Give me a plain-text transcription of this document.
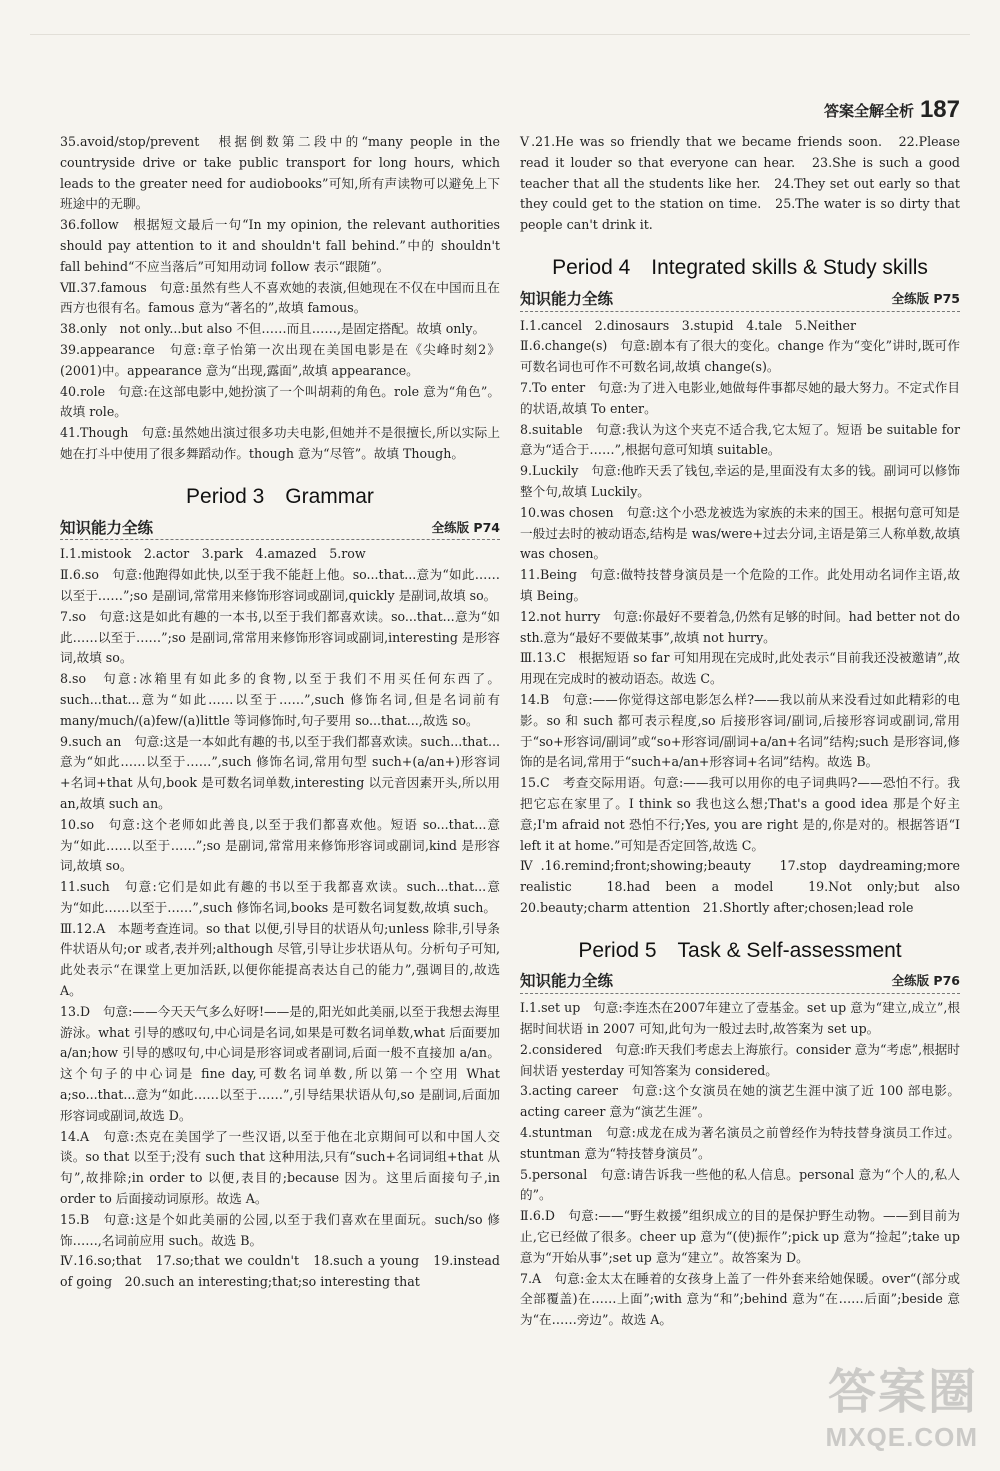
答案全解全析 187

35.avoid/stop/prevent　根据倒数第二段中的“many people in the countryside drive or take public transport for long hours, which leads to the greater need for audiobooks”可知,所有声读物可以避免上下班途中的无聊。

36.follow　根据短文最后一句“In my opinion, the relevant authorities should pay attention to it and shouldn't fall behind.”中的 shouldn't fall behind“不应当落后”可知用动词 follow 表示“跟随”。

Ⅶ.37.famous　句意:虽然有些人不喜欢她的表演,但她现在不仅在中国而且在西方也很有名。famous 意为“著名的”,故填 famous。

38.only　not only...but also 不但……而且……,是固定搭配。故填 only。

39.appearance　句意:章子怡第一次出现在美国电影是在《尖峰时刻2》(2001)中。appearance 意为“出现,露面”,故填 appearance。

40.role　句意:在这部电影中,她扮演了一个叫胡莉的角色。role 意为“角色”。故填 role。

41.Though　句意:虽然她出演过很多功夫电影,但她并不是很擅长,所以实际上她在打斗中使用了很多舞蹈动作。though 意为“尽管”。故填 Though。

Period 3　Grammar
知识能力全练	全练版 P74

Ⅰ.1.mistook　2.actor　3.park　4.amazed　5.row

Ⅱ.6.so　句意:他跑得如此快,以至于我不能赶上他。so...that...意为“如此……以至于……”;so 是副词,常常用来修饰形容词或副词,quickly 是副词,故填 so。

7.so　句意:这是如此有趣的一本书,以至于我们都喜欢读。so...that...意为“如此……以至于……”;so 是副词,常常用来修饰形容词或副词,interesting 是形容词,故填 so。

8.so　句意:冰箱里有如此多的食物,以至于我们不用买任何东西了。such...that...意为“如此……以至于……”,such 修饰名词,但是名词前有 many/much/(a)few/(a)little 等词修饰时,句子要用 so...that...,故选 so。

9.such an　句意:这是一本如此有趣的书,以至于我们都喜欢读。such...that...意为“如此……以至于……”,such 修饰名词,常用句型 such+(a/an+)形容词+名词+that 从句,book 是可数名词单数,interesting 以元音因素开头,所以用 an,故填 such an。

10.so　句意:这个老师如此善良,以至于我们都喜欢他。短语 so...that...意为“如此……以至于……”;so 是副词,常常用来修饰形容词或副词,kind 是形容词,故填 so。

11.such　句意:它们是如此有趣的书以至于我都喜欢读。such...that...意为“如此……以至于……”,such 修饰名词,books 是可数名词复数,故填 such。

Ⅲ.12.A　本题考查连词。so that 以便,引导目的状语从句;unless 除非,引导条件状语从句;or 或者,表并列;although 尽管,引导让步状语从句。分析句子可知,此处表示“在课堂上更加活跃,以便你能提高表达自己的能力”,强调目的,故选 A。

13.D　句意:——今天天气多么好呀!——是的,阳光如此美丽,以至于我想去海里游泳。what 引导的感叹句,中心词是名词,如果是可数名词单数,what 后面要加 a/an;how 引导的感叹句,中心词是形容词或者副词,后面一般不直接加 a/an。这个句子的中心词是 fine day,可数名词单数,所以第一个空用 What a;so...that...意为“如此……以至于……”,引导结果状语从句,so 是副词,后面加形容词或副词,故选 D。

14.A　句意:杰克在美国学了一些汉语,以至于他在北京期间可以和中国人交谈。so that 以至于;没有 such that 这种用法,只有“such+名词词组+that 从句”,故排除;in order to 以便,表目的;because 因为。这里后面接句子,in order to 后面接动词原形。故选 A。

15.B　句意:这是个如此美丽的公园,以至于我们喜欢在里面玩。such/so 修饰……,名词前应用 such。故选 B。

Ⅳ.16.so;that　17.so;that we couldn't　18.such a young　19.instead of going　20.such an interesting;that;so interesting that

Ⅴ.21.He was so friendly that we became friends soon.　22.Please read it louder so that everyone can hear.　23.She is such a good teacher that all the students like her.　24.They set out early so that they could get to the station on time.　25.The water is so dirty that people can't drink it.

Period 4　Integrated skills & Study skills
知识能力全练	全练版 P75

Ⅰ.1.cancel　2.dinosaurs　3.stupid　4.tale　5.Neither

Ⅱ.6.change(s)　句意:剧本有了很大的变化。change 作为“变化”讲时,既可作可数名词也可作不可数名词,故填 change(s)。

7.To enter　句意:为了进入电影业,她做每件事都尽她的最大努力。不定式作目的状语,故填 To enter。

8.suitable　句意:我认为这个夹克不适合我,它太短了。短语 be suitable for 意为“适合于……”,根据句意可知填 suitable。

9.Luckily　句意:他昨天丢了钱包,幸运的是,里面没有太多的钱。副词可以修饰整个句,故填 Luckily。

10.was chosen　句意:这个小恐龙被选为家族的未来的国王。根据句意可知是一般过去时的被动语态,结构是 was/were+过去分词,主语是第三人称单数,故填 was chosen。

11.Being　句意:做特技替身演员是一个危险的工作。此处用动名词作主语,故填 Being。

12.not hurry　句意:你最好不要着急,仍然有足够的时间。had better not do sth.意为“最好不要做某事”,故填 not hurry。

Ⅲ.13.C　根据短语 so far 可知用现在完成时,此处表示“目前我还没被邀请”,故用现在完成时的被动语态。故选 C。

14.B　句意:——你觉得这部电影怎么样?——我以前从来没看过如此精彩的电影。so 和 such 都可表示程度,so 后接形容词/副词,后接形容词或副词,常用于“so+形容词/副词”或“so+形容词/副词+a/an+名词”结构;such 是形容词,修饰的是名词,常用于“such+a/an+形容词+名词”结构。故选 B。

15.C　考查交际用语。句意:——我可以用你的电子词典吗?——恐怕不行。我把它忘在家里了。I think so 我也这么想;That's a good idea 那是个好主意;I'm afraid not 恐怕不行;Yes, you are right 是的,你是对的。根据答语“I left it at home.”可知是否定回答,故选 C。

Ⅳ.16.remind;front;showing;beauty　17.stop daydreaming;more realistic　18.had been a model　19.Not only;but also　20.beauty;charm attention　21.Shortly after;chosen;lead role

Period 5　Task & Self-assessment
知识能力全练	全练版 P76

Ⅰ.1.set up　句意:李连杰在2007年建立了壹基金。set up 意为“建立,成立”,根据时间状语 in 2007 可知,此句为一般过去时,故答案为 set up。

2.considered　句意:昨天我们考虑去上海旅行。consider 意为“考虑”,根据时间状语 yesterday 可知答案为 considered。

3.acting career　句意:这个女演员在她的演艺生涯中演了近 100 部电影。acting career 意为“演艺生涯”。

4.stuntman　句意:成龙在成为著名演员之前曾经作为特技替身演员工作过。stuntman 意为“特技替身演员”。

5.personal　句意:请告诉我一些他的私人信息。personal 意为“个人的,私人的”。

Ⅱ.6.D　句意:——“野生救援”组织成立的目的是保护野生动物。——到目前为止,它已经做了很多。cheer up 意为“(使)振作”;pick up 意为“捡起”;take up 意为“开始从事”;set up 意为“建立”。故答案为 D。

7.A　句意:金太太在睡着的女孩身上盖了一件外套来给她保暖。over“(部分或全部覆盖)在……上面”;with 意为“和”;behind 意为“在……后面”;beside 意为“在……旁边”。故选 A。

答案圈
MXQE.COM
